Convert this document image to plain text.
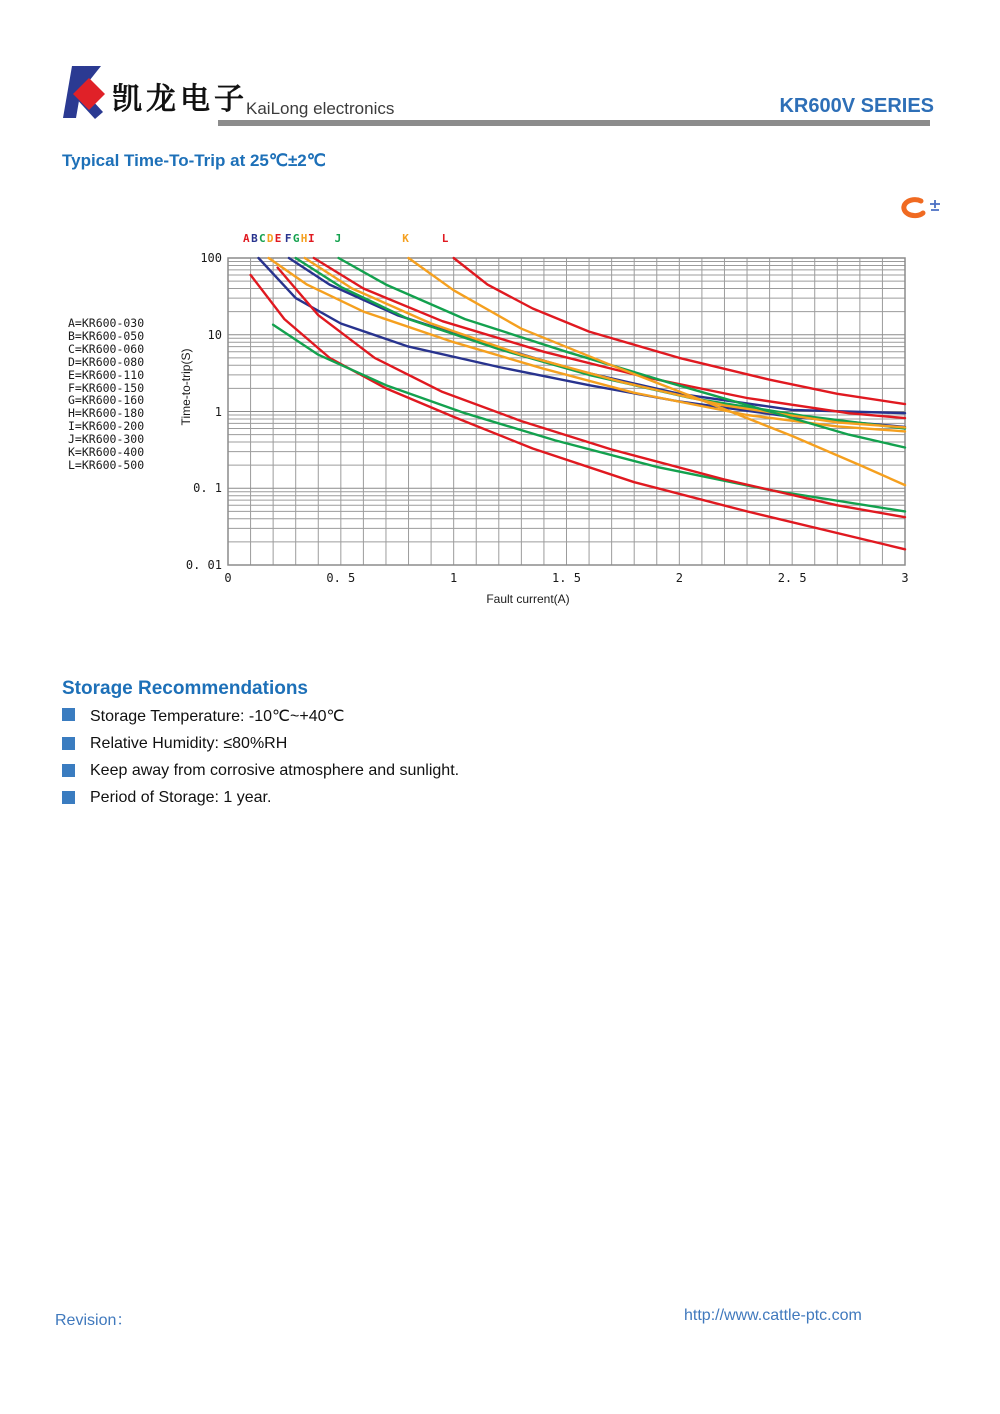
凯龙电子
KaiLong electronics	KR600V SERIES
Typical Time-To-Trip at 25℃±2℃
A B C D E F G H I J	K	L
A=KR600-030
B=KR600-050
C=KR600-060
D=KR600-080
E=KR600-110
F=KR600-150
G=KR600-160
H=KR600-180
I=KR600-200
J=KR600-300
K=KR600-400
L=KR600-500
100
10
1
0. 1
0. 01
0	0. 5	1	1. 5	2	2. 5	3
Time-to-trip(S)
Fault current(A)
Storage Recommendations
Storage Temperature: -10℃~+40℃
Relative Humidity: ≤80%RH
Keep away from corrosive atmosphere and sunlight.
Period of Storage: 1 year.
Revision：	http://www.cattle-ptc.com
